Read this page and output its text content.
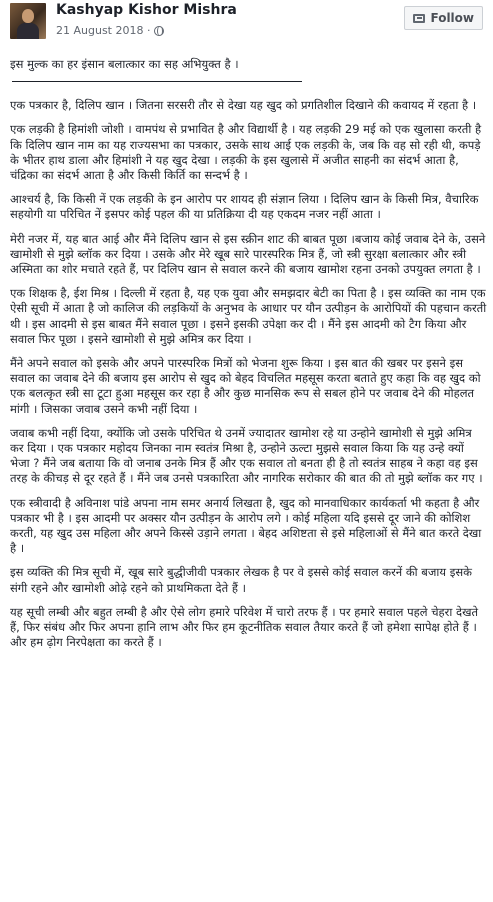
Kashyap Kishor Mishra
21 August 2018 ·
Follow

इस मुल्क का हर इंसान बलात्कार का सह अभियुक्त है ।

एक पत्रकार है, दिलिप खान । जितना सरसरी तौर से देखा यह खुद को प्रगतिशील दिखाने की कवायद में रहता है ।

एक लड़की है हिमांशी जोशी । वामपंथ से प्रभावित है और विद्यार्थी है । यह लड़की 29 मई को एक खुलासा करती है कि दिलिप खान नाम का यह राज्यसभा का पत्रकार, उसके साथ आई एक लड़की के, जब कि वह सो रही थी, कपड़े के भीतर हाथ डाला और हिमांशी ने यह खुद देखा । लड़की के इस खुलासे में अजीत साहनी का संदर्भ आता है, चंद्रिका का संदर्भ आता है और किसी किर्ति का सन्दर्भ है ।

आश्चर्य है, कि किसी नें एक लड़की के इन आरोप पर शायद ही संज्ञान लिया । दिलिप खान के किसी मित्र, वैचारिक सहयोगी या परिचित नें इसपर कोई पहल की या प्रतिक्रिया दी यह एकदम नजर नहीं आता ।

मेरी नजर में, यह बात आई और मैंने दिलिप खान से इस स्क्रीन शाट की बाबत पूछा ।बजाय कोई जवाब देने के, उसने खामोशी से मुझे ब्लॉक कर दिया । उसके और मेरे खूब सारे पारस्परिक मित्र हैं, जो स्त्री सुरक्षा बलात्कार और स्त्री अस्मिता का शोर मचाते रहते हैं, पर दिलिप खान से सवाल करने की बजाय खामोश रहना उनको उपयुक्त लगता है ।

एक शिक्षक है, ईश मिश्र । दिल्ली में रहता है, यह एक युवा और समझदार बेटी का पिता है । इस व्यक्ति का नाम एक ऐसी सूची में आता है जो कालिज की लड़कियों के अनुभव के आधार पर यौन उत्पीड़न के आरोपियों की पहचान करती थी । इस आदमी से इस बाबत मैंने सवाल पूछा । इसने इसकी उपेक्षा कर दी । मैंने इस आदमी को टैग किया और सवाल फिर पूछा । इसने खामोशी से मुझे अमित्र कर दिया ।

मैंने अपने सवाल को इसके और अपने पारस्परिक मित्रों को भेजना शुरू किया । इस बात की खबर पर इसने इस सवाल का जवाब देने की बजाय इस आरोप से खुद को बेहद विचलित महसूस करता बताते हुए कहा कि वह खुद को एक बलत्कृत स्त्री सा टूटा हुआ महसूस कर रहा है और कुछ मानसिक रूप से सबल होने पर जवाब देने की मोहलत मांगी । जिसका जवाब उसने कभी नहीं दिया ।

जवाब कभी नहीं दिया, क्योंकि जो उसके परिचित थे उनमें ज्यादातर खामोश रहे या उन्होने खामोशी से मुझे अमित्र कर दिया । एक पत्रकार महोदय जिनका नाम स्वतंत्र मिश्रा है, उन्होने ऊल्टा मुझसे सवाल किया कि यह उन्हे क्यों भेजा ? मैंने जब बताया कि वो जनाब उनके मित्र हैं और एक सवाल तो बनता ही है तो स्वतंत्र साहब ने कहा वह इस तरह के कीचड़ से दूर रहते हैं । मैंने जब उनसे पत्रकारिता और नागरिक सरोकार की बात की तो मुझे ब्लॉक कर गए ।

एक स्त्रीवादी है अविनाश पांडे अपना नाम समर अनार्य लिखता है, खुद को मानवाधिकार कार्यकर्ता भी कहता है और पत्रकार भी है । इस आदमी पर अक्सर यौन उत्पीड़न के आरोप लगे । कोई महिला यदि इससे दूर जाने की कोशिश करती, यह खुद उस महिला और अपने किस्से उड़ाने लगता । बेहद अशिष्टता से इसे महिलाओं से मैंने बात करते देखा है ।

इस व्यक्ति की मित्र सूची में, खूब सारे बुद्धीजीवी पत्रकार लेखक है पर वे इससे कोई सवाल करनें की बजाय इसके संगी रहने और खामोशी ओढ़े रहने को प्राथमिकता देते हैं ।

यह सूची लम्बी और बहुत लम्बी है और ऐसे लोग हमारे परिवेश में चारो तरफ हैं । पर हमारे सवाल पहले चेहरा देखते हैं, फिर संबंध और फिर अपना हानि लाभ और फिर हम कूटनीतिक सवाल तैयार करते हैं जो हमेशा सापेक्ष होते हैं । और हम ढ़ोग निरपेक्षता का करते हैं ।
